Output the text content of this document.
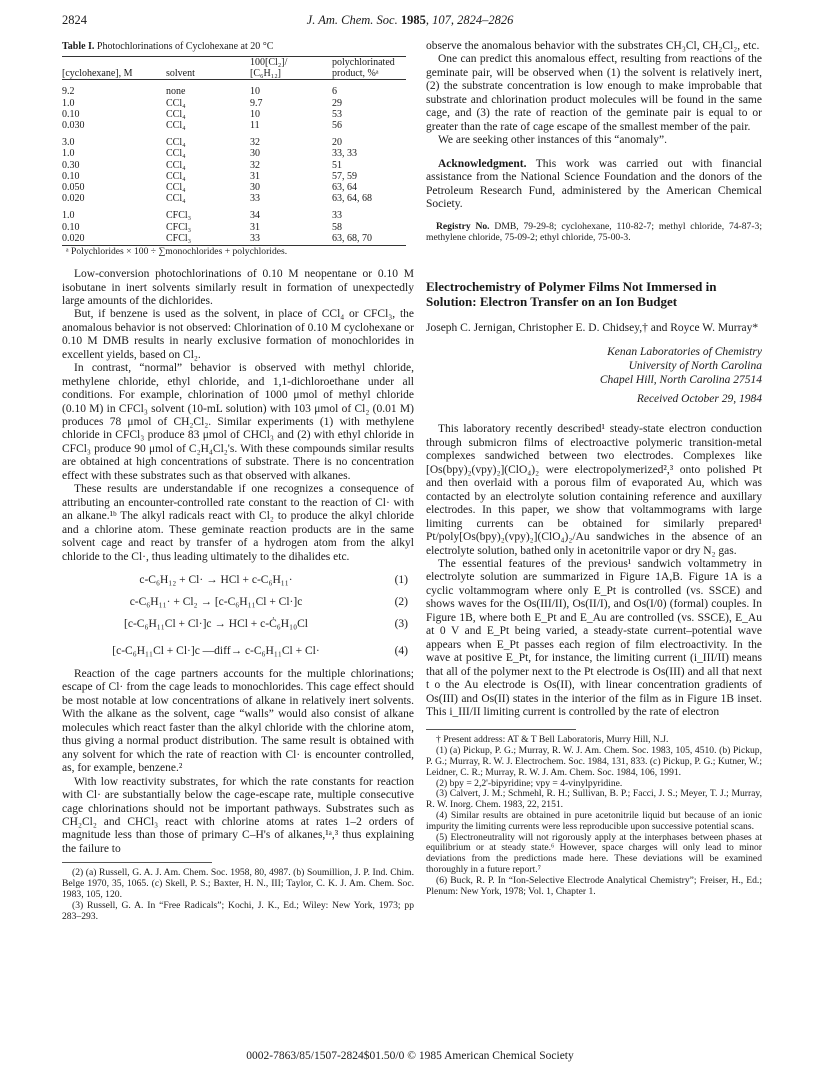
2824	J. Am. Chem. Soc. 1985, 107, 2824–2826
Table I. Photochlorinations of Cyclohexane at 20 °C
		100[Cl₂]/	polychlorinated
[cyclohexane], M	solvent	[C₆H₁₂]	product, %ᵃ
9.2	none	10	6
1.0	CCl₄	9.7	29
0.10	CCl₄	10	53
0.030	CCl₄	11	56
3.0	CCl₄	32	20
1.0	CCl₄	30	33, 33
0.30	CCl₄	32	51
0.10	CCl₄	31	57, 59
0.050	CCl₄	30	63, 64
0.020	CCl₄	33	63, 64, 68
1.0	CFCl₃	34	33
0.10	CFCl₃	31	58
0.020	CFCl₃	33	63, 68, 70
ᵃ Polychlorides × 100 ÷ ∑monochlorides + polychlorides.

Low-conversion photochlorinations of 0.10 M neopentane or 0.10 M isobutane in inert solvents similarly result in formation of unexpectedly large amounts of the dichlorides.

But, if benzene is used as the solvent, in place of CCl₄ or CFCl₃, the anomalous behavior is not observed: Chlorination of 0.10 M cyclohexane or 0.10 M DMB results in nearly exclusive formation of monochlorides in excellent yields, based on Cl₂.

In contrast, “normal” behavior is observed with methyl chloride, methylene chloride, ethyl chloride, and 1,1-dichloroethane under all conditions. For example, chlorination of 1000 μmol of methyl chloride (0.10 M) in CFCl₃ solvent (10-mL solution) with 103 μmol of Cl₂ (0.01 M) produces 78 μmol of CH₂Cl₂. Similar experiments (1) with methylene chloride in CFCl₃ produce 83 μmol of CHCl₃ and (2) with ethyl chloride in CFCl₃ produce 90 μmol of C₂H₄Cl₂'s. With these compounds similar results are obtained at high concentrations of substrate. There is no concentration effect with these substrates such as that observed with alkanes.

These results are understandable if one recognizes a consequence of attributing an encounter-controlled rate constant to the reaction of Cl· with an alkane.¹ᵇ The alkyl radicals react with Cl₂ to produce the alkyl chloride and a chlorine atom. These geminate reaction products are in the same solvent cage and react by transfer of a hydrogen atom from the alkyl chloride to the Cl·, thus leading ultimately to the dihalides etc.

c-C₆H₁₂ + Cl· → HCl + c-C₆H₁₁·	(1)
c-C₆H₁₁· + Cl₂ → [c-C₆H₁₁Cl + Cl·]c	(2)
[c-C₆H₁₁Cl + Cl·]c → HCl + c-Ċ₆H₁₀Cl	(3)
[c-C₆H₁₁Cl + Cl·]c —diff→ c-C₆H₁₁Cl + Cl·	(4)

Reaction of the cage partners accounts for the multiple chlorinations; escape of Cl· from the cage leads to monochlorides. This cage effect should be most notable at low concentrations of alkane in relatively inert solvents. With the alkane as the solvent, cage “walls” would also consist of alkane molecules which react faster than the alkyl chloride with the chlorine atom, thus giving a normal product distribution. The same result is obtained with any solvent for which the rate of reaction with Cl· is encounter controlled, as, for example, benzene.²

With low reactivity substrates, for which the rate constants for reaction with Cl· are substantially below the cage-escape rate, multiple consecutive cage chlorinations should not be important pathways. Substrates such as CH₂Cl₂ and CHCl₃ react with chlorine atoms at rates 1–2 orders of magnitude less than those of primary C–H's of alkanes,¹ᵃ,³ thus explaining the failure to

(2) (a) Russell, G. A. J. Am. Chem. Soc. 1958, 80, 4987. (b) Soumillion, J. P. Ind. Chim. Belge 1970, 35, 1065. (c) Skell, P. S.; Baxter, H. N., III; Taylor, C. K. J. Am. Chem. Soc. 1983, 105, 120.
(3) Russell, G. A. In “Free Radicals”; Kochi, J. K., Ed.; Wiley: New York, 1973; pp 283–293.

observe the anomalous behavior with the substrates CH₃Cl, CH₂Cl₂, etc.

One can predict this anomalous effect, resulting from reactions of the geminate pair, will be observed when (1) the solvent is relatively inert, (2) the substrate concentration is low enough to make improbable that substrate and chlorination product molecules will be found in the same cage, and (3) the rate of reaction of the geminate pair is equal to or greater than the rate of cage escape of the smallest member of the pair.

We are seeking other instances of this “anomaly”.

Acknowledgment. This work was carried out with financial assistance from the National Science Foundation and the donors of the Petroleum Research Fund, administered by the American Chemical Society.

Registry No. DMB, 79-29-8; cyclohexane, 110-82-7; methyl chloride, 74-87-3; methylene chloride, 75-09-2; ethyl chloride, 75-00-3.
Electrochemistry of Polymer Films Not Immersed in Solution: Electron Transfer on an Ion Budget
Joseph C. Jernigan, Christopher E. D. Chidsey,† and Royce W. Murray*
Kenan Laboratories of Chemistry
University of North Carolina
Chapel Hill, North Carolina 27514
Received October 29, 1984

This laboratory recently described¹ steady-state electron conduction through submicron films of electroactive polymeric transition-metal complexes sandwiched between two electrodes. Complexes like [Os(bpy)₂(vpy)₂](ClO₄)₂ were electropolymerized²,³ onto polished Pt and then overlaid with a porous film of evaporated Au, which was contacted by an electrolyte solution containing reference and auxillary electrodes. In this paper, we show that voltammograms with large limiting currents can be obtained for similarly prepared¹ Pt/poly[Os(bpy)₂(vpy)₂](ClO₄)₂/Au sandwiches in the absence of an electrolyte solution, bathed only in acetonitrile vapor or dry N₂ gas.

The essential features of the previous¹ sandwich voltammetry in electrolyte solution are summarized in Figure 1A,B. Figure 1A is a cyclic voltammogram where only E_Pt is controlled (vs. SSCE) and shows waves for the Os(III/II), Os(II/I), and Os(I/0) (formal) couples. In Figure 1B, where both E_Pt and E_Au are controlled (vs. SSCE), E_Au at 0 V and E_Pt being varied, a steady-state current–potential wave appears when E_Pt passes each region of film electroactivity. In the wave at positive E_Pt, for instance, the limiting current (i_III/II) means that all of the polymer next to the Pt electrode is Os(III) and all that next t o the Au electrode is Os(II), with linear concentration gradients of Os(III) and Os(II) states in the interior of the film as in Figure 1B inset. This i_III/II limiting current is controlled by the rate of electron

† Present address: AT & T Bell Laboratoris, Murry Hill, N.J.
(1) (a) Pickup, P. G.; Murray, R. W. J. Am. Chem. Soc. 1983, 105, 4510. (b) Pickup, P. G.; Murray, R. W. J. Electrochem. Soc. 1984, 131, 833. (c) Pickup, P. G.; Kutner, W.; Leidner, C. R.; Murray, R. W. J. Am. Chem. Soc. 1984, 106, 1991.
(2) bpy = 2,2'-bipyridine; vpy = 4-vinylpyridine.
(3) Calvert, J. M.; Schmehl, R. H.; Sullivan, B. P.; Facci, J. S.; Meyer, T. J.; Murray, R. W. Inorg. Chem. 1983, 22, 2151.
(4) Similar results are obtained in pure acetonitrile liquid but because of an ionic impurity the limiting currents were less reproducible upon successive potential scans.
(5) Electroneutrality will not rigorously apply at the interphases between phases at equilibrium or at steady state.⁶ However, space charges will only lead to minor deviations from the predictions made here. These deviations will be examined thoroughly in a future report.⁷
(6) Buck, R. P. In “Ion-Selective Electrode Analytical Chemistry”; Freiser, H., Ed.; Plenum: New York, 1978; Vol. 1, Chapter 1.
0002-7863/85/1507-2824$01.50/0 © 1985 American Chemical Society
